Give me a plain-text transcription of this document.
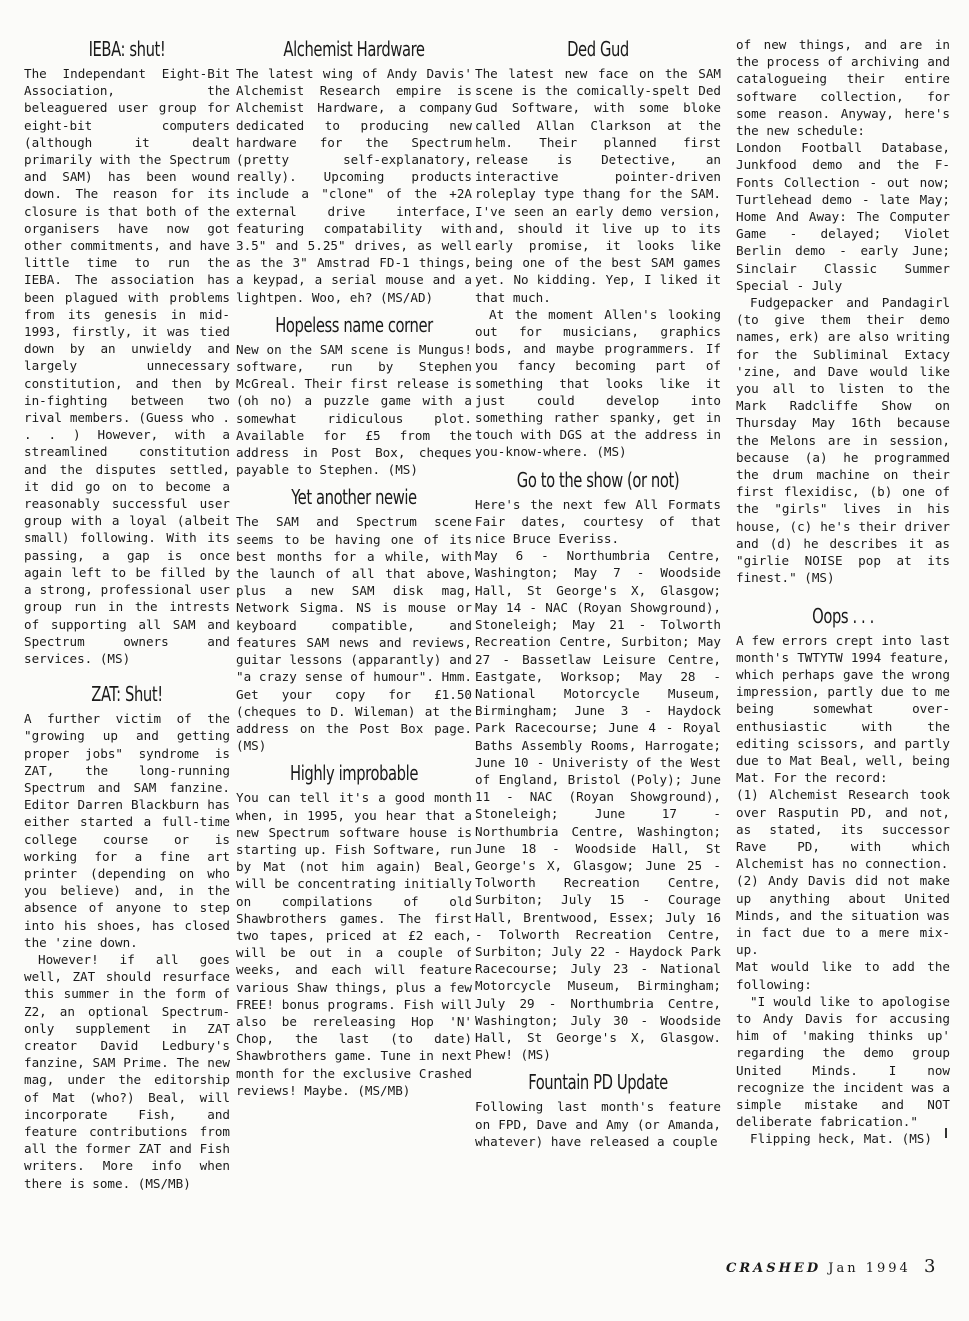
IEBA: shut!

The Independant Eight-Bit Association, the beleaguered user group for eight-bit computers (although it dealt primarily with the Spectrum and SAM) has been wound down. The reason for its closure is that both of the organisers have now got other commitments, and have little time to run the IEBA. The association has been plagued with problems from its genesis in mid-1993, firstly, it was tied down by an unwieldy and largely unnecessary constitution, and then by in-fighting between two rival members. (Guess who . . . ) However, with a streamlined constitution and the disputes settled, it did go on to become a reasonably successful user group with a loyal (albeit small) following. With its passing, a gap is once again left to be filled by a strong, professional user group run in the intrests of supporting all SAM and Spectrum owners and services. (MS)

ZAT: Shut!

A further victim of the "growing up and getting proper jobs" syndrome is ZAT, the long-running Spectrum and SAM fanzine. Editor Darren Blackburn has either started a full-time college course or is working for a fine art printer (depending on who you believe) and, in the absence of anyone to step into his shoes, has closed the 'zine down.

However! if all goes well, ZAT should resurface this summer in the form of Z2, an optional Spectrum-only supplement in ZAT creator David Ledbury's fanzine, SAM Prime. The new mag, under the editorship of Mat (who?) Beal, will incorporate Fish, and feature contributions from all the former ZAT and Fish writers. More info when there is some. (MS/MB)

Alchemist Hardware

The latest wing of Andy Davis' Alchemist Research empire is Alchemist Hardware, a company dedicated to producing new hardware for the Spectrum (pretty self-explanatory, really). Upcoming products include a "clone" of the +2A external drive interface, featuring compatability with 3.5" and 5.25" drives, as well as the 3" Amstrad FD-1 things, a keypad, a serial mouse and a lightpen. Woo, eh? (MS/AD)

Hopeless name corner

New on the SAM scene is Mungus! software, run by Stephen McGreal. Their first release is (oh no) a puzzle game with a somewhat ridiculous plot. Available for £5 from the address in Post Box, cheques payable to Stephen. (MS)

Yet another newie

The SAM and Spectrum scene seems to be having one of its best months for a while, with the launch of all that above, plus a new SAM disk mag, Network Sigma. NS is mouse or keyboard compatible, and features SAM news and reviews, guitar lessons (apparantly) and "a crazy sense of humour". Hmm. Get your copy for £1.50 (cheques to D. Wileman) at the address on the Post Box page. (MS)

Highly improbable

You can tell it's a good month when, in 1995, you hear that a new Spectrum software house is starting up. Fish Software, run by Mat (not him again) Beal, will be concentrating initially on compilations of old Shawbrothers games. The first two tapes, priced at £2 each, will be out in a couple of weeks, and each will feature various Shaw things, plus a few FREE! bonus programs. Fish will also be rereleasing Hop 'N' Chop, the last (to date) Shawbrothers game. Tune in next month for the exclusive Crashed reviews! Maybe. (MS/MB)

Ded Gud

The latest new face on the SAM scene is the comically-spelt Ded Gud Software, with some bloke called Allan Clarkson at the helm. Their planned first release is Detective, an interactive pointer-driven roleplay type thang for the SAM. I've seen an early demo version, and, should it live up to its early promise, it looks like being one of the best SAM games yet. No kidding. Yep, I liked it that much.

At the moment Allen's looking out for musicians, graphics bods, and maybe programmers. If you fancy becoming part of something that looks like it just could develop into something rather spanky, get in touch with DGS at the address in you-know-where. (MS)

Go to the show (or not)

Here's the next few All Formats Fair dates, courtesy of that nice Bruce Everiss.

May 6 - Northumbria Centre, Washington; May 7 - Woodside Hall, St George's X, Glasgow; May 14 - NAC (Royan Showground), Stoneleigh; May 21 - Tolworth Recreation Centre, Surbiton; May 27 - Bassetlaw Leisure Centre, Eastgate, Worksop; May 28 - National Motorcycle Museum, Birmingham; June 3 - Haydock Park Racecourse; June 4 - Royal Baths Assembly Rooms, Harrogate; June 10 - Univeristy of the West of England, Bristol (Poly); June 11 - NAC (Royan Showground), Stoneleigh; June 17 - Northumbria Centre, Washington; June 18 - Woodside Hall, St George's X, Glasgow; June 25 - Tolworth Recreation Centre, Surbiton; July 15 - Courage Hall, Brentwood, Essex; July 16 - Tolworth Recreation Centre, Surbiton; July 22 - Haydock Park Racecourse; July 23 - National Motorcycle Museum, Birmingham; July 29 - Northumbria Centre, Washington; July 30 - Woodside Hall, St George's X, Glasgow. Phew! (MS)

Fountain PD Update

Following last month's feature on FPD, Dave and Amy (or Amanda, whatever) have released a couple

of new things, and are in the process of archiving and catalogueing their entire software collection, for some reason. Anyway, here's the new schedule:

London Football Database, Junkfood demo and the F-Fonts Collection - out now; Turtlehead demo - late May; Home And Away: The Computer Game - delayed; Violet Berlin demo - early June; Sinclair Classic Summer Special - July

Fudgepacker and Pandagirl (to give them their demo names, erk) are also writing for the Subliminal Extacy 'zine, and Dave would like you all to listen to the Mark Radcliffe Show on Thursday May 16th because the Melons are in session, because (a) he programmed the drum machine on their first flexidisc, (b) one of the "girls" lives in his house, (c) he's their driver and (d) he describes it as "girlie NOISE pop at its finest." (MS)

Oops . . .

A few errors crept into last month's TWTYTW 1994 feature, which perhaps gave the wrong impression, partly due to me being somewhat over-enthusiastic with the editing scissors, and partly due to Mat Beal, well, being Mat. For the record:

(1) Alchemist Research took over Rasputin PD, and not, as stated, its successor Rave PD, with which Alchemist has no connection.

(2) Andy Davis did not make up anything about United Minds, and the situation was in fact due to a mere mix-up.

Mat would like to add the following:

"I would like to apologise to Andy Davis for accusing him of 'making thinks up' regarding the demo group United Minds. I now recognize the incident was a simple mistake and NOT deliberate fabrication."

Flipping heck, Mat. (MS)

CRASHED Jan 1994 3
